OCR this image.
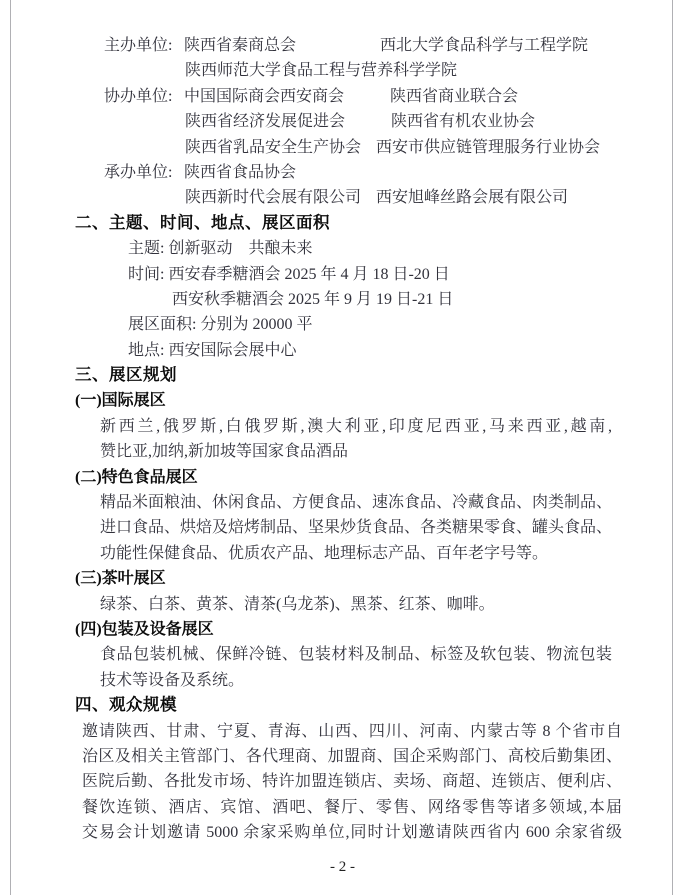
主办单位:陕西省秦商总会	西北大学食品科学与工程学院
陕西师范大学食品工程与营养科学学院
协办单位:中国国际商会西安商会	陕西省商业联合会
陕西省经济发展促进会	陕西省有机农业协会
陕西省乳品安全生产协会 西安市供应链管理服务行业协会
承办单位:陕西省食品协会
陕西新时代会展有限公司 西安旭峰丝路会展有限公司
二、主题、时间、地点、展区面积
主题: 创新驱动　共酿未来
时间: 西安春季糖酒会 2025 年 4 月 18 日-20 日
西安秋季糖酒会 2025 年 9 月 19 日-21 日
展区面积: 分别为 20000 平
地点: 西安国际会展中心
三、展区规划
(一)国际展区
新西兰,俄罗斯,白俄罗斯,澳大利亚,印度尼西亚,马来西亚,越南,
赞比亚,加纳,新加坡等国家食品酒品
(二)特色食品展区
精品米面粮油、休闲食品、方便食品、速冻食品、冷藏食品、肉类制品、
进口食品、烘焙及焙烤制品、坚果炒货食品、各类糖果零食、罐头食品、
功能性保健食品、优质农产品、地理标志产品、百年老字号等。
(三)茶叶展区
绿茶、白茶、黄茶、清茶(乌龙茶)、黑茶、红茶、咖啡。
(四)包装及设备展区
食品包装机械、保鲜冷链、包装材料及制品、标签及软包装、物流包装
技术等设备及系统。
四、观众规模
邀请陕西、甘肃、宁夏、青海、山西、四川、河南、内蒙古等 8 个省市自
治区及相关主管部门、各代理商、加盟商、国企采购部门、高校后勤集团、
医院后勤、各批发市场、特许加盟连锁店、卖场、商超、连锁店、便利店、
餐饮连锁、酒店、宾馆、酒吧、餐厅、零售、网络零售等诸多领域,本届
交易会计划邀请 5000 余家采购单位,同时计划邀请陕西省内 600 余家省级
- 2 -
